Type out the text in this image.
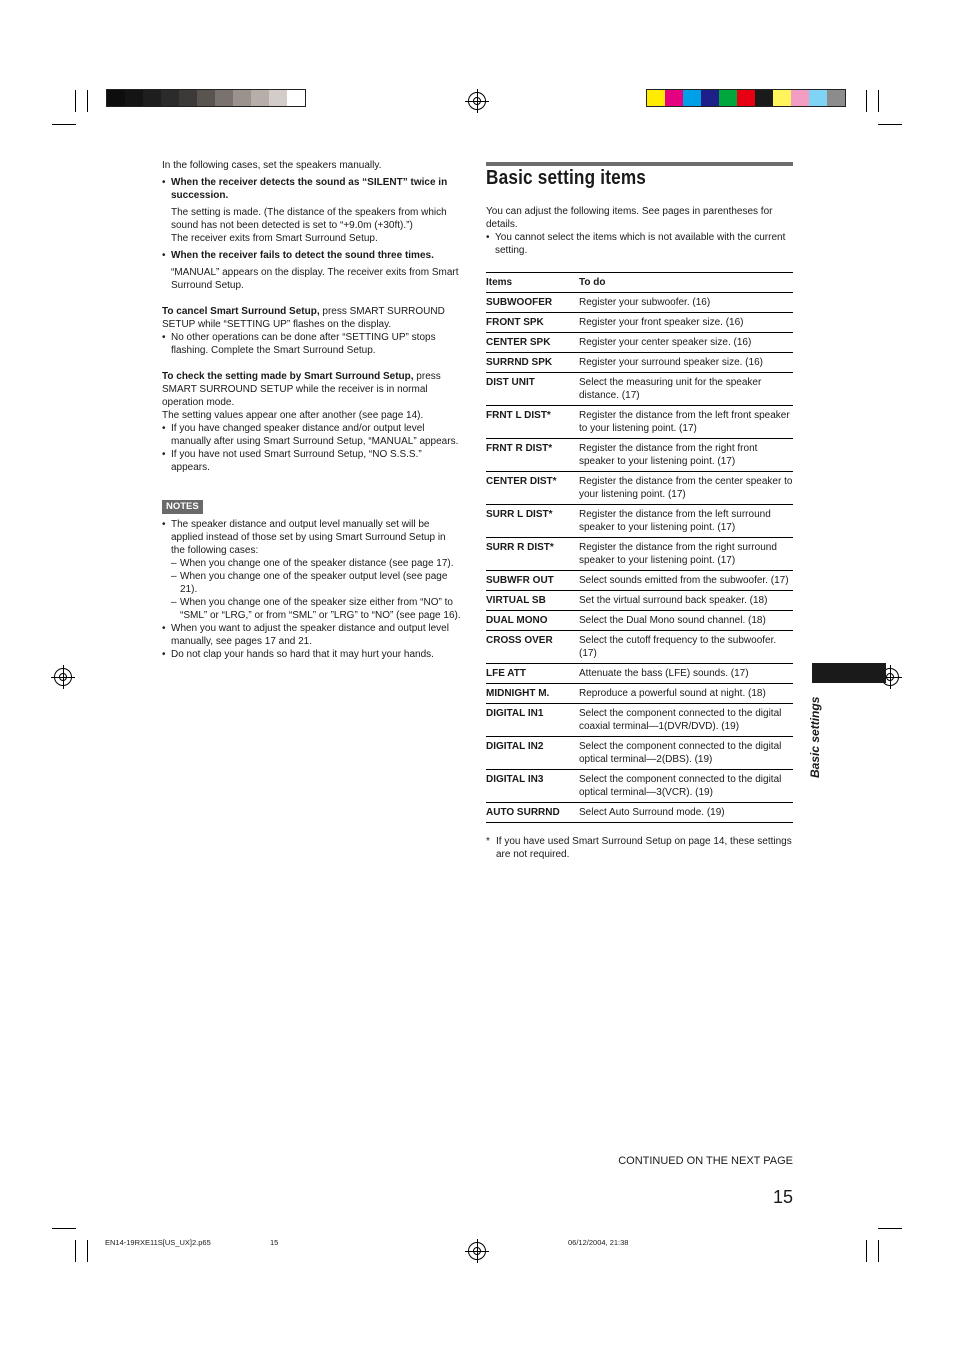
In the following cases, set the speakers manually.

• When the receiver detects the sound as “SILENT” twice in succession.

The setting is made. (The distance of the speakers from which sound has not been detected is set to “+9.0m (+30ft).”)

The receiver exits from Smart Surround Setup.

• When the receiver fails to detect the sound three times.

“MANUAL” appears on the display. The receiver exits from Smart Surround Setup.

To cancel Smart Surround Setup, press SMART SURROUND SETUP while “SETTING UP” flashes on the display.

• No other operations can be done after “SETTING UP” stops flashing. Complete the Smart Surround Setup.

To check the setting made by Smart Surround Setup, press SMART SURROUND SETUP while the receiver is in normal operation mode.

The setting values appear one after another (see page 14).

• If you have changed speaker distance and/or output level manually after using Smart Surround Setup, “MANUAL” appears.

• If you have not used Smart Surround Setup, “NO S.S.S.” appears.

NOTES

• The speaker distance and output level manually set will be applied instead of those set by using Smart Surround Setup in the following cases:

– When you change one of the speaker distance (see page 17).

– When you change one of the speaker output level (see page 21).

– When you change one of the speaker size either from “NO” to “SML” or “LRG,” or from “SML” or ”LRG” to “NO” (see page 16).

• When you want to adjust the speaker distance and output level manually, see pages 17 and 21.

• Do not clap your hands so hard that it may hurt your hands.

Basic setting items

You can adjust the following items. See pages in parentheses for details.

• You cannot select the items which is not available with the current setting.

Items	To do
SUBWOOFER	Register your subwoofer. (16)
FRONT SPK	Register your front speaker size. (16)
CENTER SPK	Register your center speaker size. (16)
SURRND SPK	Register your surround speaker size. (16)
DIST UNIT	Select the measuring unit for the speaker distance. (17)
FRNT L DIST*	Register the distance from the left front speaker to your listening point. (17)
FRNT R DIST*	Register the distance from the right front speaker to your listening point. (17)
CENTER DIST*	Register the distance from the center speaker to your listening point. (17)
SURR L DIST*	Register the distance from the left surround speaker to your listening point. (17)
SURR R DIST*	Register the distance from the right surround speaker to your listening point. (17)
SUBWFR OUT	Select sounds emitted from the subwoofer. (17)
VIRTUAL SB	Set the virtual surround back speaker. (18)
DUAL MONO	Select the Dual Mono sound channel. (18)
CROSS OVER	Select the cutoff frequency to the subwoofer. (17)
LFE ATT	Attenuate the bass (LFE) sounds. (17)
MIDNIGHT M.	Reproduce a powerful sound at night. (18)
DIGITAL IN1	Select the component connected to the digital coaxial terminal—1(DVR/DVD). (19)
DIGITAL IN2	Select the component connected to the digital optical terminal—2(DBS). (19)
DIGITAL IN3	Select the component connected to the digital optical terminal—3(VCR). (19)
AUTO SURRND	Select Auto Surround mode. (19)

* If you have used Smart Surround Setup on page 14, these settings are not required.

Basic settings
CONTINUED ON THE NEXT PAGE
15
EN14-19RXE11S[US_UX]2.p65	15	06/12/2004, 21:38
